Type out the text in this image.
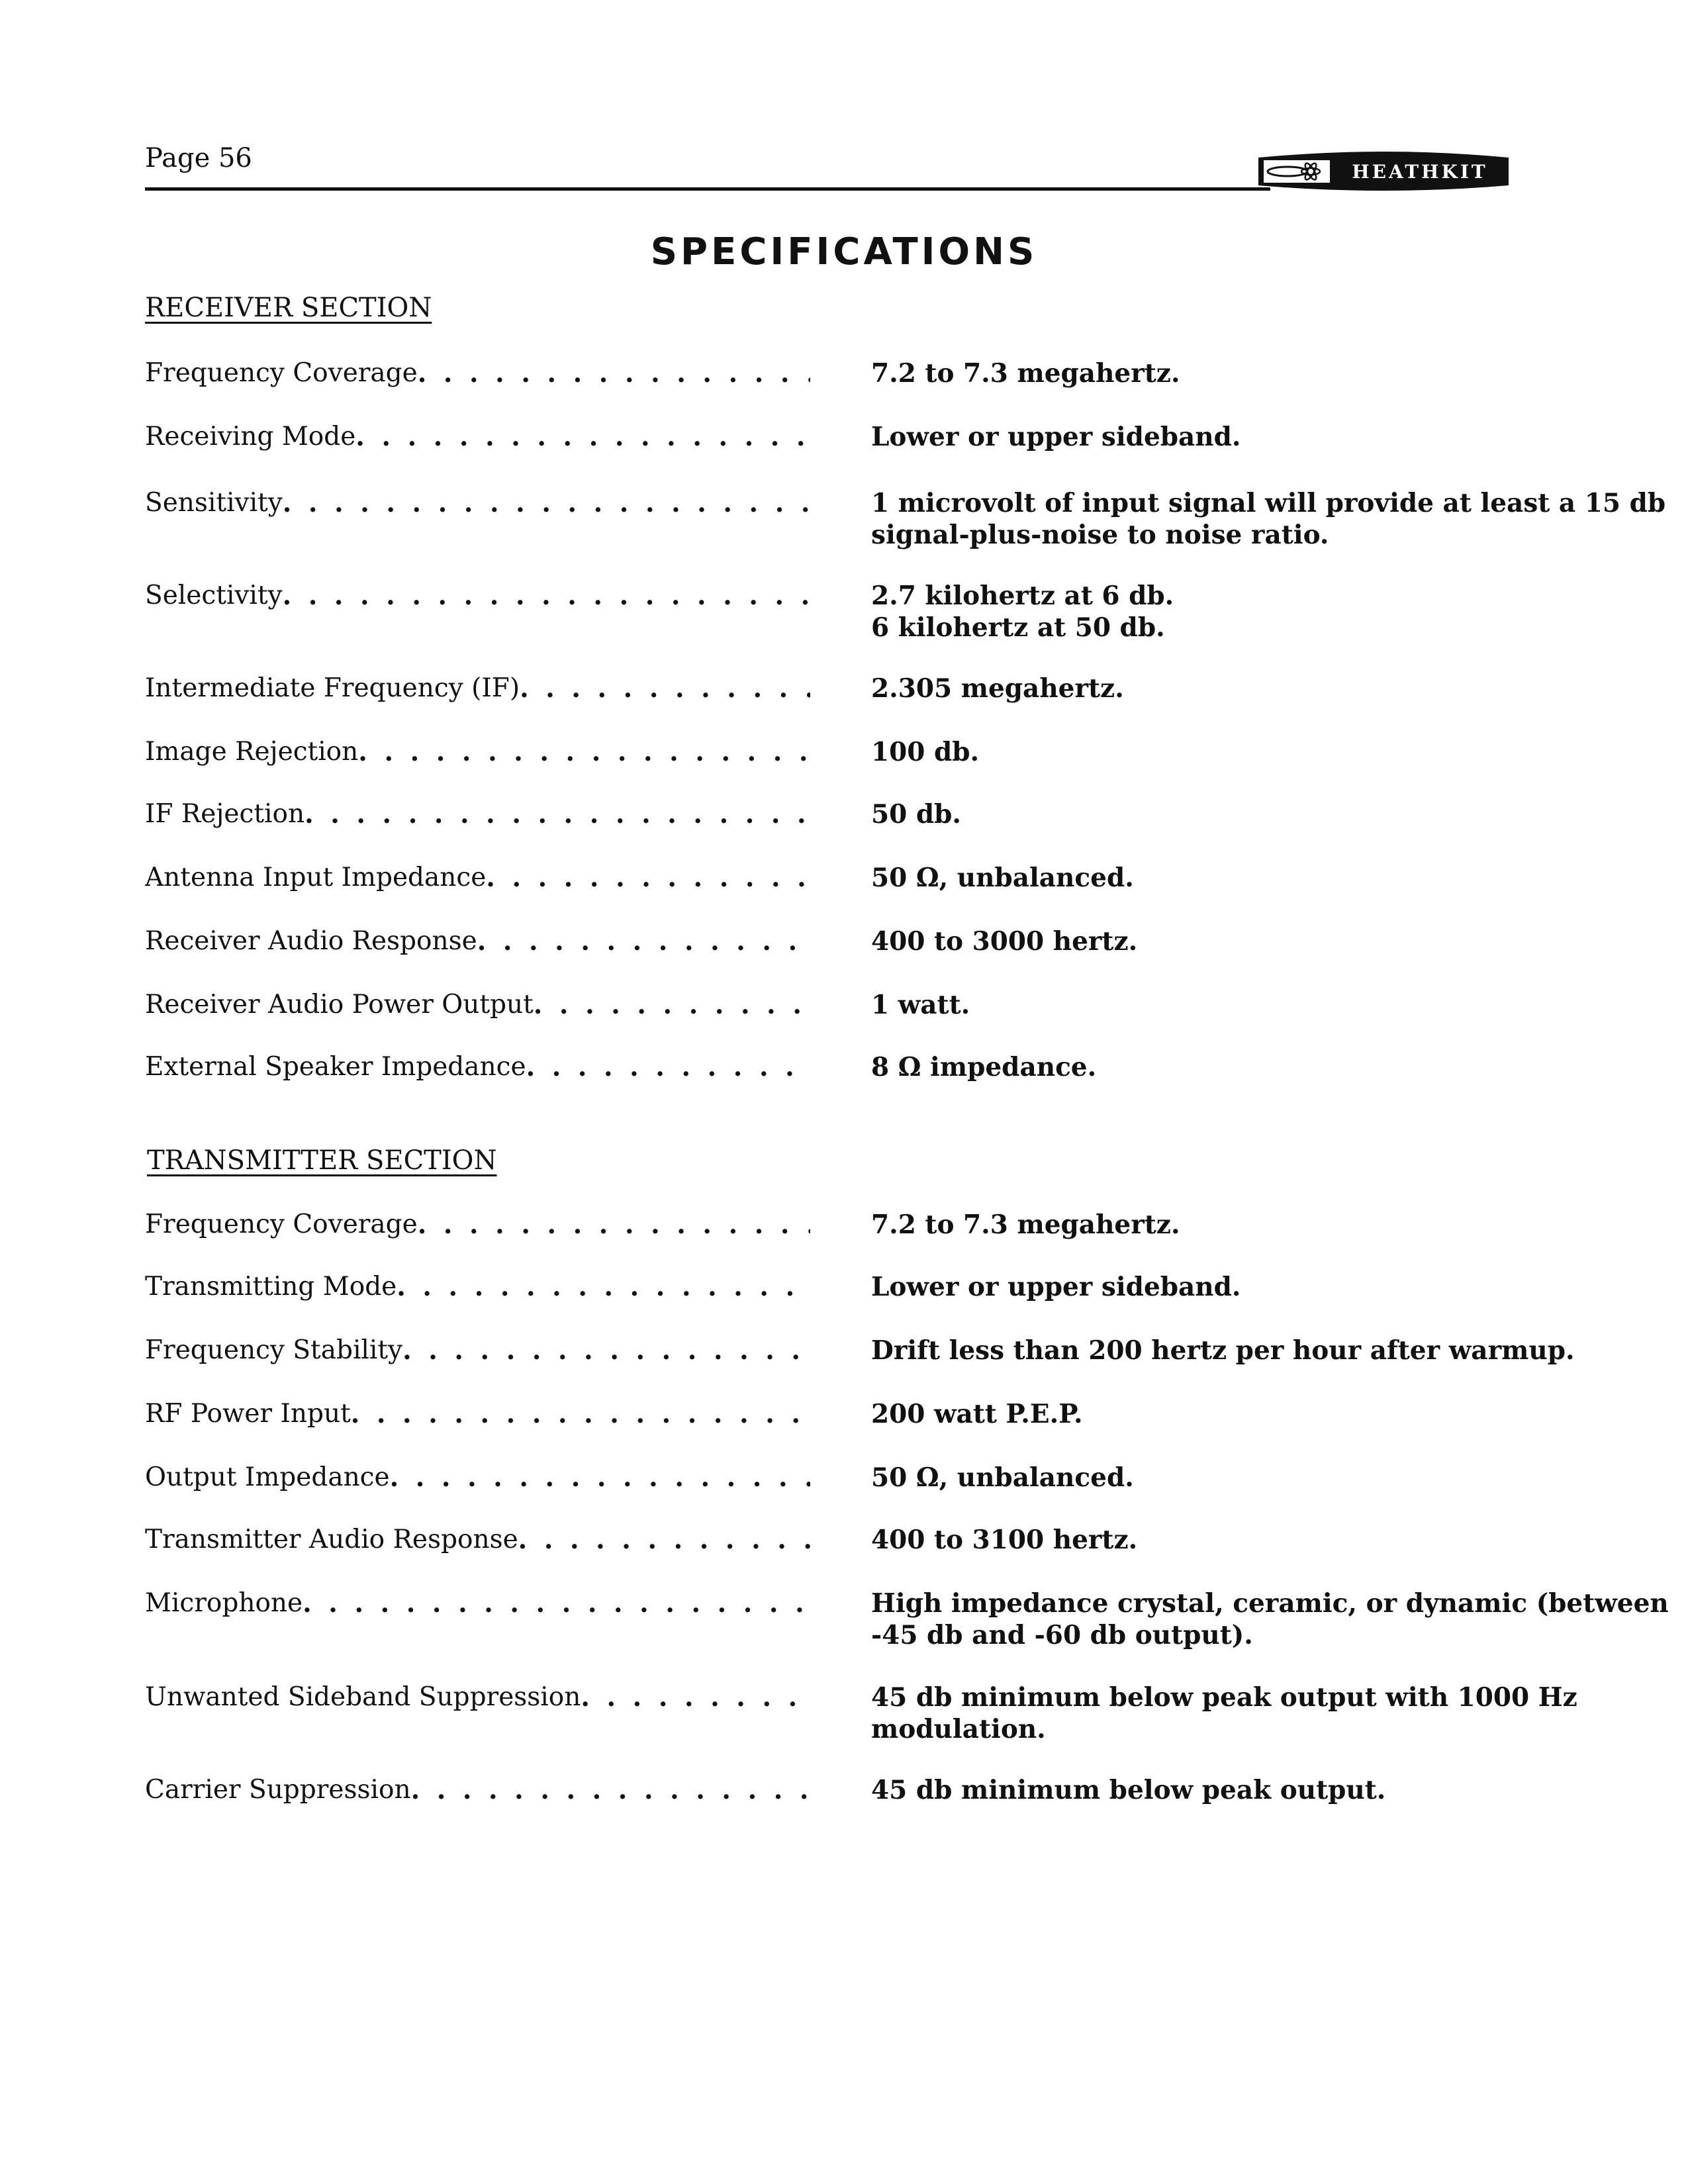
Page 56	HEATHKIT
SPECIFICATIONS
RECEIVER SECTION
Frequency Coverage . . .	7.2 to 7.3 megahertz.
Receiving Mode . . .	Lower or upper sideband.
Sensitivity . . .	1 microvolt of input signal will provide at least a 15 db signal-plus-noise to noise ratio.
Selectivity . . .	2.7 kilohertz at 6 db.
6 kilohertz at 50 db.
Intermediate Frequency (IF) . . .	2.305 megahertz.
Image Rejection . . .	100 db.
IF Rejection . . .	50 db.
Antenna Input Impedance . . .	50 Ω, unbalanced.
Receiver Audio Response . . .	400 to 3000 hertz.
Receiver Audio Power Output . . .	1 watt.
External Speaker Impedance . . .	8 Ω impedance.
TRANSMITTER SECTION
Frequency Coverage . . .	7.2 to 7.3 megahertz.
Transmitting Mode . . .	Lower or upper sideband.
Frequency Stability . . .	Drift less than 200 hertz per hour after warmup.
RF Power Input . . .	200 watt P.E.P.
Output Impedance . . .	50 Ω, unbalanced.
Transmitter Audio Response . . .	400 to 3100 hertz.
Microphone . . .	High impedance crystal, ceramic, or dynamic (between -45 db and -60 db output).
Unwanted Sideband Suppression . . .	45 db minimum below peak output with 1000 Hz modulation.
Carrier Suppression . . .	45 db minimum below peak output.
